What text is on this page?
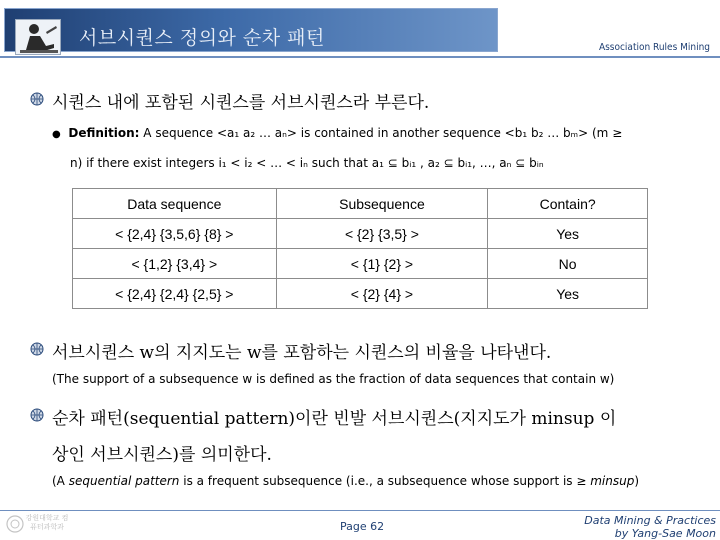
서브시퀀스 정의와 순차 패턴	Association Rules Mining
시퀀스 내에 포함된 시퀀스를 서브시퀀스라 부른다.
● Definition: A sequence <a₁ a₂ … aₙ> is contained in another sequence <b₁ b₂ … bₘ> (m ≥
n) if there exist integers i₁ < i₂ < … < iₙ such that a₁ ⊆ bᵢ₁ , a₂ ⊆ bᵢ₁, …, aₙ ⊆ bᵢₙ
Data sequence	Subsequence	Contain?
< {2,4} {3,5,6} {8} >	< {2} {3,5} >	Yes
< {1,2} {3,4} >	< {1} {2} >	No
< {2,4} {2,4} {2,5} >	< {2} {4} >	Yes
서브시퀀스 w의 지지도는 w를 포함하는 시퀀스의 비율을 나타낸다.
(The support of a subsequence w is defined as the fraction of data sequences that contain w)
순차 패턴(sequential pattern)이란 빈발 서브시퀀스(지지도가 minsup 이
상인 서브시퀀스)를 의미한다.
(A sequential pattern is a frequent subsequence (i.e., a subsequence whose support is ≥ minsup)
강원대학교 컴퓨터과학과	Page 62	Data Mining & Practices
by Yang-Sae Moon
